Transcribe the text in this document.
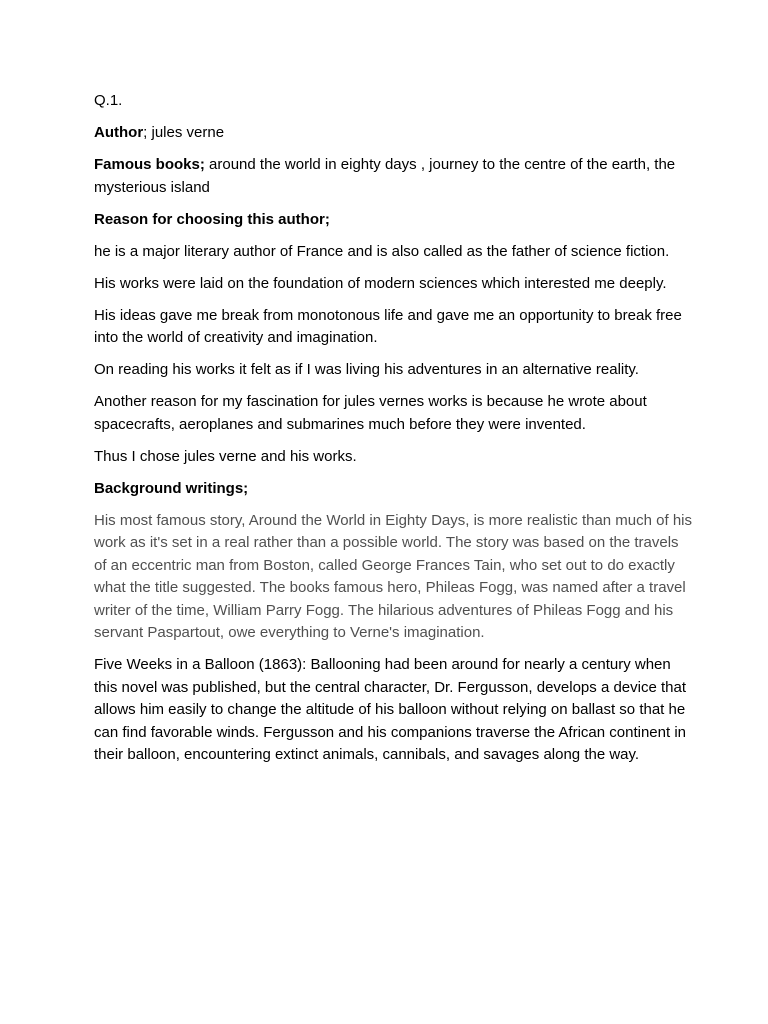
Q.1.

Author; jules verne

Famous books; around the world in eighty days , journey to the centre of the earth, the mysterious island

Reason for choosing this author;

he is a major literary author of France and is also called as the father of science fiction.

His works were laid on the foundation of modern sciences which interested me deeply.

His ideas gave me break from monotonous life and gave me an opportunity to break free into the world of creativity and imagination.

On reading his works it felt as if I was living his adventures in an alternative reality.

Another reason for my fascination for jules vernes works is because he wrote about spacecrafts, aeroplanes and submarines much before they were invented.

Thus I chose jules verne and his works.

Background writings;

His most famous story, Around the World in Eighty Days, is more realistic than much of his work as it's set in a real rather than a possible world. The story was based on the travels of an eccentric man from Boston, called George Frances Tain, who set out to do exactly what the title suggested. The books famous hero, Phileas Fogg, was named after a travel writer of the time, William Parry Fogg. The hilarious adventures of Phileas Fogg and his servant Paspartout, owe everything to Verne's imagination.

Five Weeks in a Balloon (1863): Ballooning had been around for nearly a century when this novel was published, but the central character, Dr. Fergusson, develops a device that allows him easily to change the altitude of his balloon without relying on ballast so that he can find favorable winds. Fergusson and his companions traverse the African continent in their balloon, encountering extinct animals, cannibals, and savages along the way.
